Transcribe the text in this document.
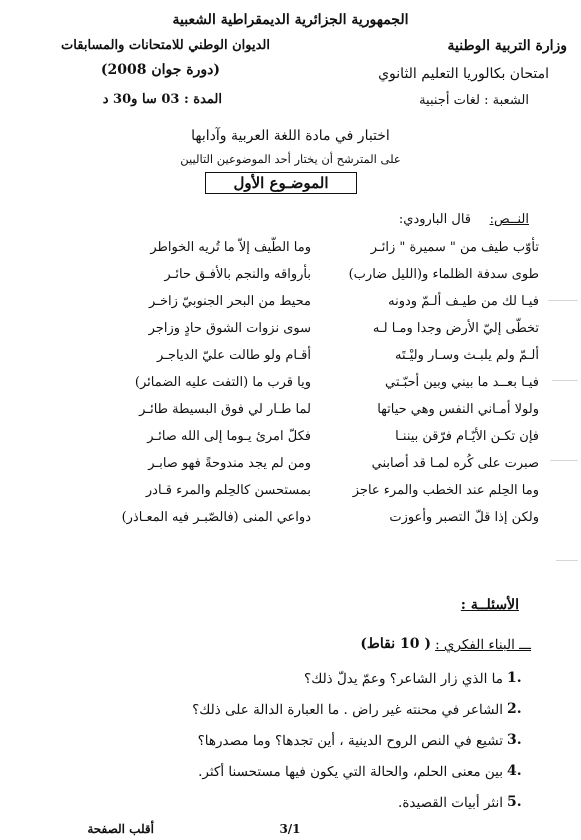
الجمهورية الجزائرية الديمقراطية الشعبية
وزارة التربية الوطنية
الديوان الوطني للامتحانات والمسابقات
امتحان بكالوريا التعليم الثانوي
(دورة جوان 2008)
الشعبة : لغات أجنبية
المدة : 03 سا و30 د
اختبار في مادة اللغة العربية وآدابها
على المترشح أن يختار أحد الموضوعين التاليين
الموضـوع الأول
النــص:
قال البارودي:
تأوّب طيف من " سميرة " زائـر
وما الطّيف إلاّ ما تُريه الخواطر
طوى سدفة الظلماء و(الليل ضارب)
بأرواقه والنجم بالأفـق حائـر
فيـا لك من طيـف ألـمّ ودونه
محيط من البحر الجنوبيّ زاخـر
تخطّى إليّ الأرض وجدا ومـا لـه
سوى نزوات الشوق حادٍ وزاجر
ألـمّ ولم يلبـث وسـار وليْـتَه
أقـام ولو طالت عليّ الدياجـر
فيـا بعــد ما بيني وبين أحبّـتي
ويا قرب ما (التفت عليه الضمائر)
ولولا أمـاني النفس وهي حياتها
لما طـار لي فوق البسيطة طائـر
فإن تكـن الأيّـام فرّقن بيننـا
فكلّ امرئ يـوما إلى الله صائـر
صبرت على كُره لمـا قد أصابني
ومن لم يجد مندوحةً فهو صابـر
وما الحِلم عند الخطب والمرء عاجز
بمستحسن كالحِلم والمرء قـادر
ولكن إذا قلّ التصبر وأعوزت
دواعي المنى (فالصّبـر فيه المعـاذر)
الأسئلــة :
ـــ البناء الفكري :
( 10 نقاط)
1.
ما الذي زار الشاعر؟ وعمّ يدلّ ذلك؟
2.
الشاعر في محنته غير راض . ما العبارة الدالة على ذلك؟
3.
تشيع في النص الروح الدينية ، أين تجدها؟ وما مصدرها؟
4.
بين معنى الحلم، والحالة التي يكون فيها مستحسنا أكثر.
5.
انثر أبيات القصيدة.
أقلب الصفحة	3/1
